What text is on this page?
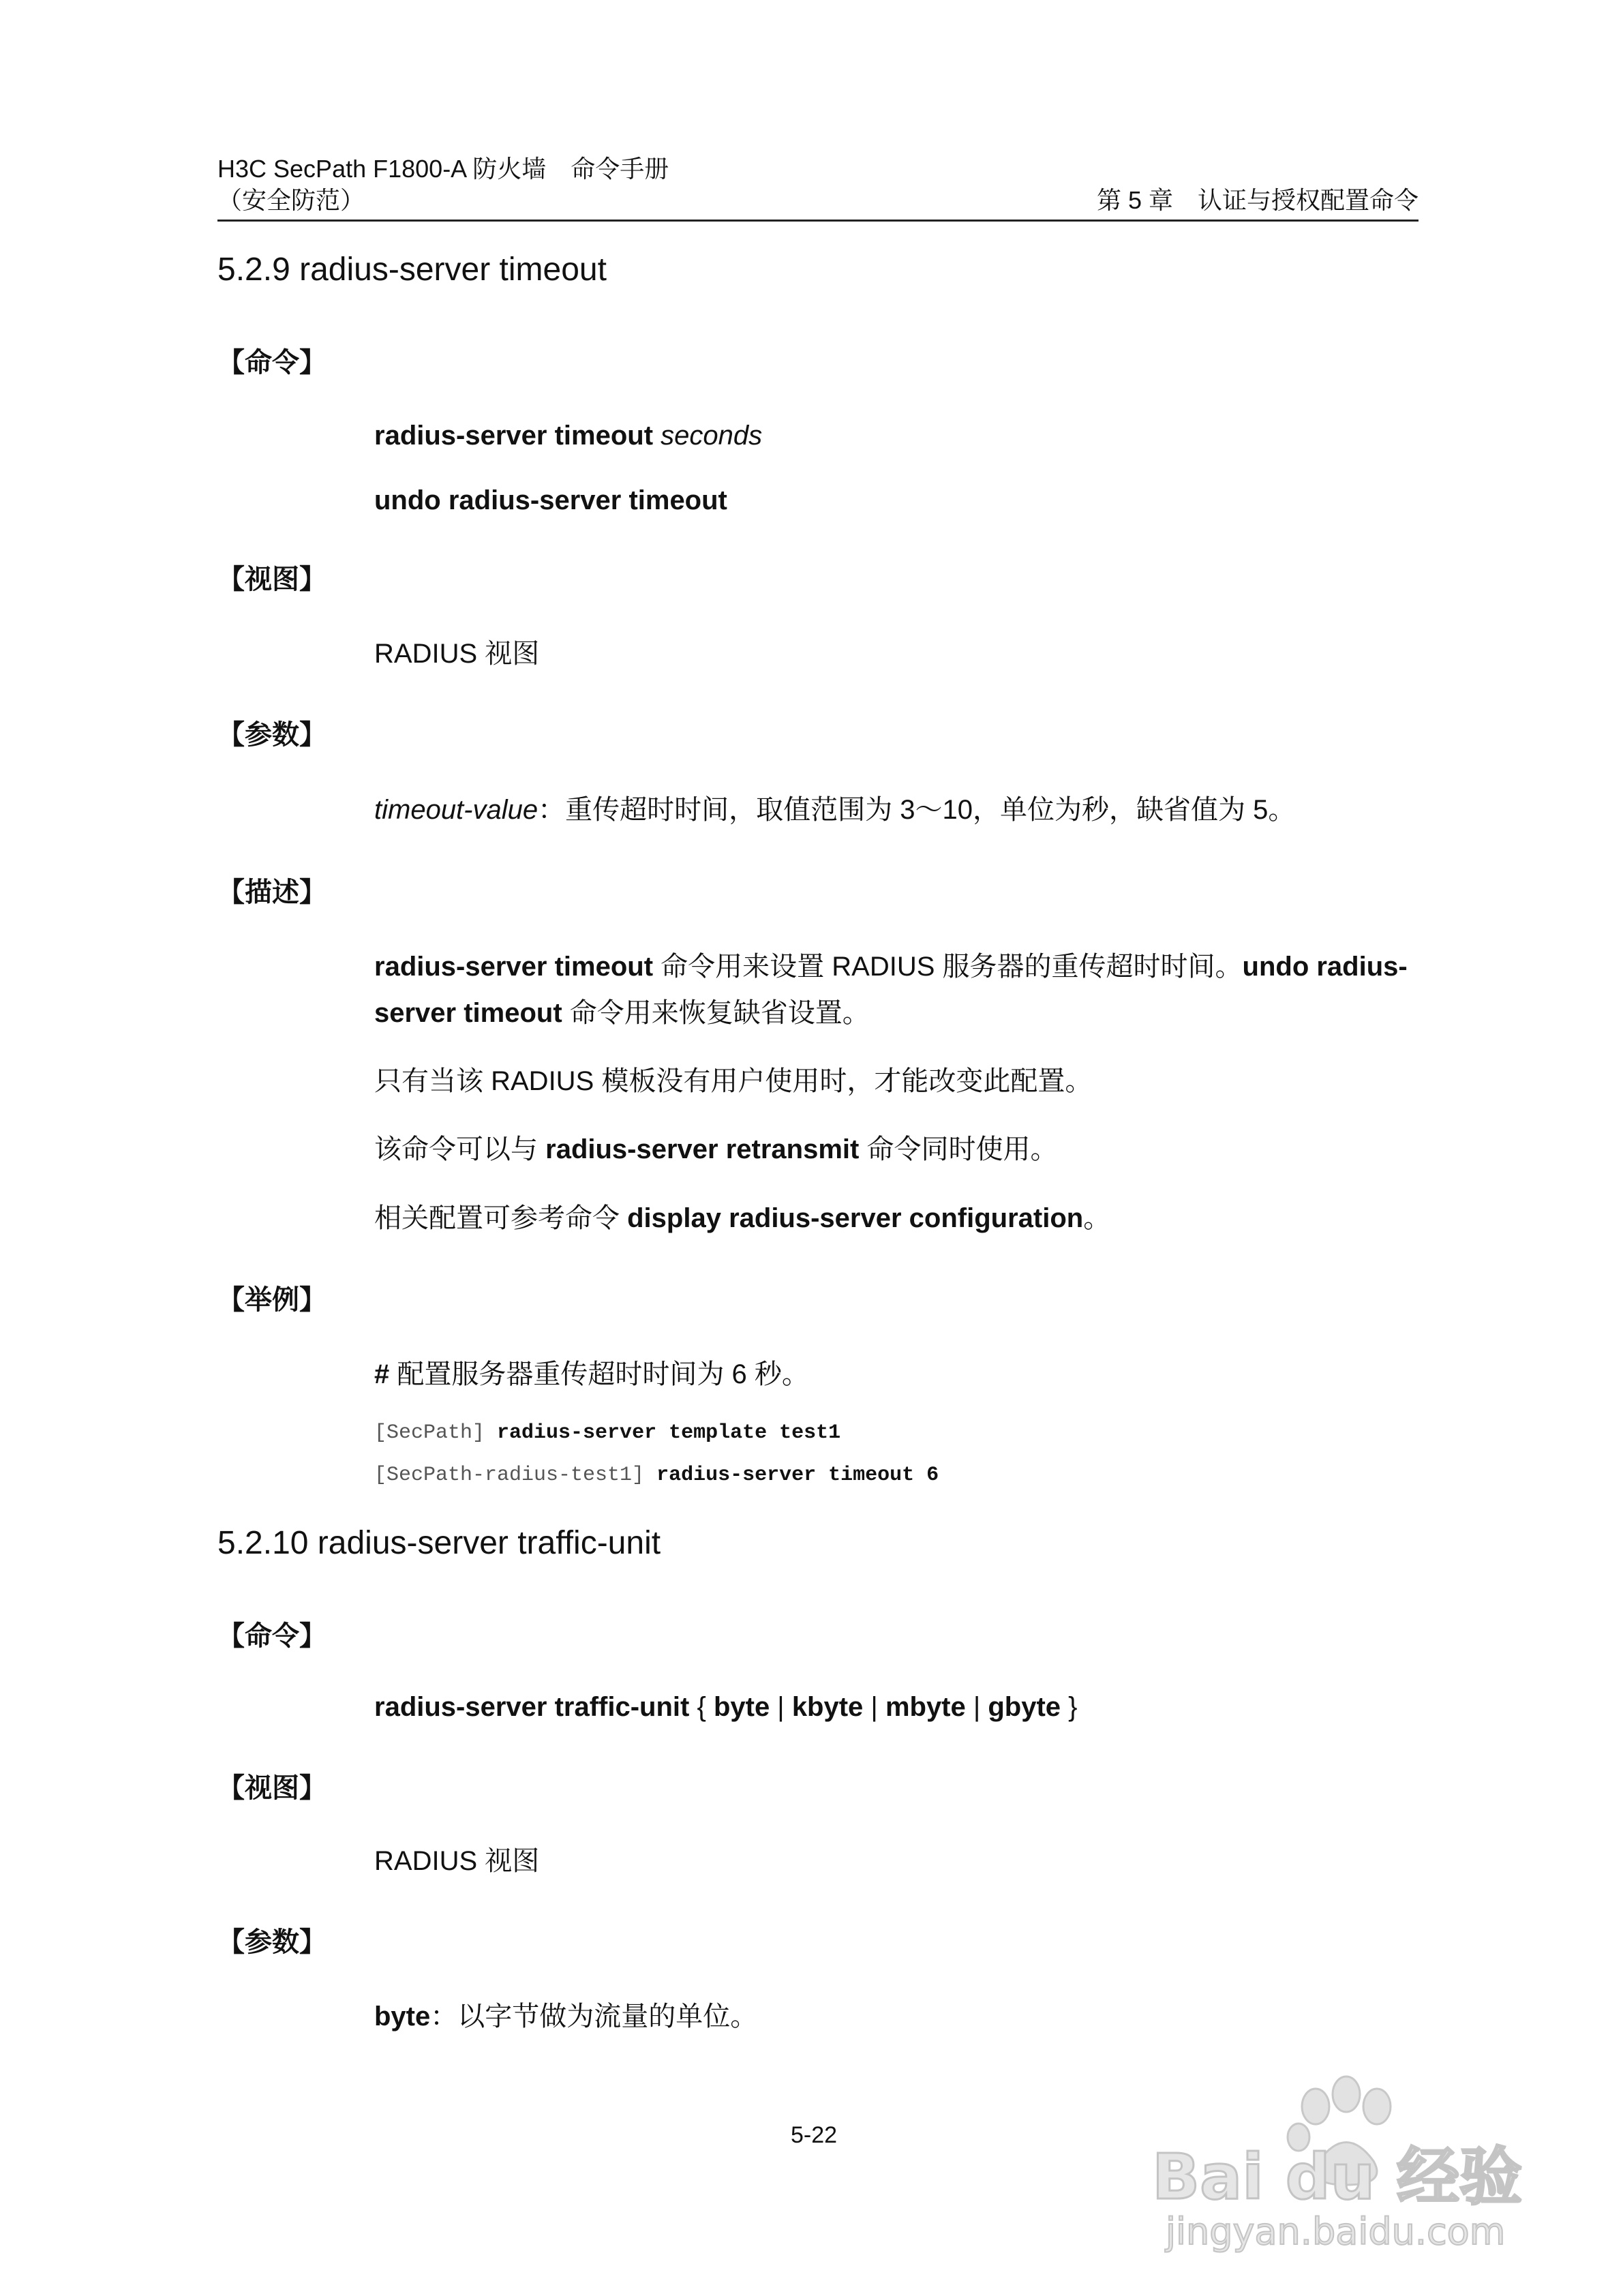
H3C SecPath F1800-A 防火墙　命令手册
（安全防范）	第 5 章　认证与授权配置命令
5.2.9 radius-server timeout
【命令】
radius-server timeout seconds
undo radius-server timeout
【视图】
RADIUS 视图
【参数】
timeout-value：重传超时时间，取值范围为 3～10，单位为秒，缺省值为 5。
【描述】
radius-server timeout 命令用来设置 RADIUS 服务器的重传超时时间。undo radius-server timeout 命令用来恢复缺省设置。
只有当该 RADIUS 模板没有用户使用时，才能改变此配置。
该命令可以与 radius-server retransmit 命令同时使用。
相关配置可参考命令 display radius-server configuration。
【举例】
# 配置服务器重传超时时间为 6 秒。
[SecPath] radius-server template test1
[SecPath-radius-test1] radius-server timeout 6
5.2.10 radius-server traffic-unit
【命令】
radius-server traffic-unit { byte | kbyte | mbyte | gbyte }
【视图】
RADIUS 视图
【参数】
byte：以字节做为流量的单位。
5-22
Bai du 经验
jingyan.baidu.com
